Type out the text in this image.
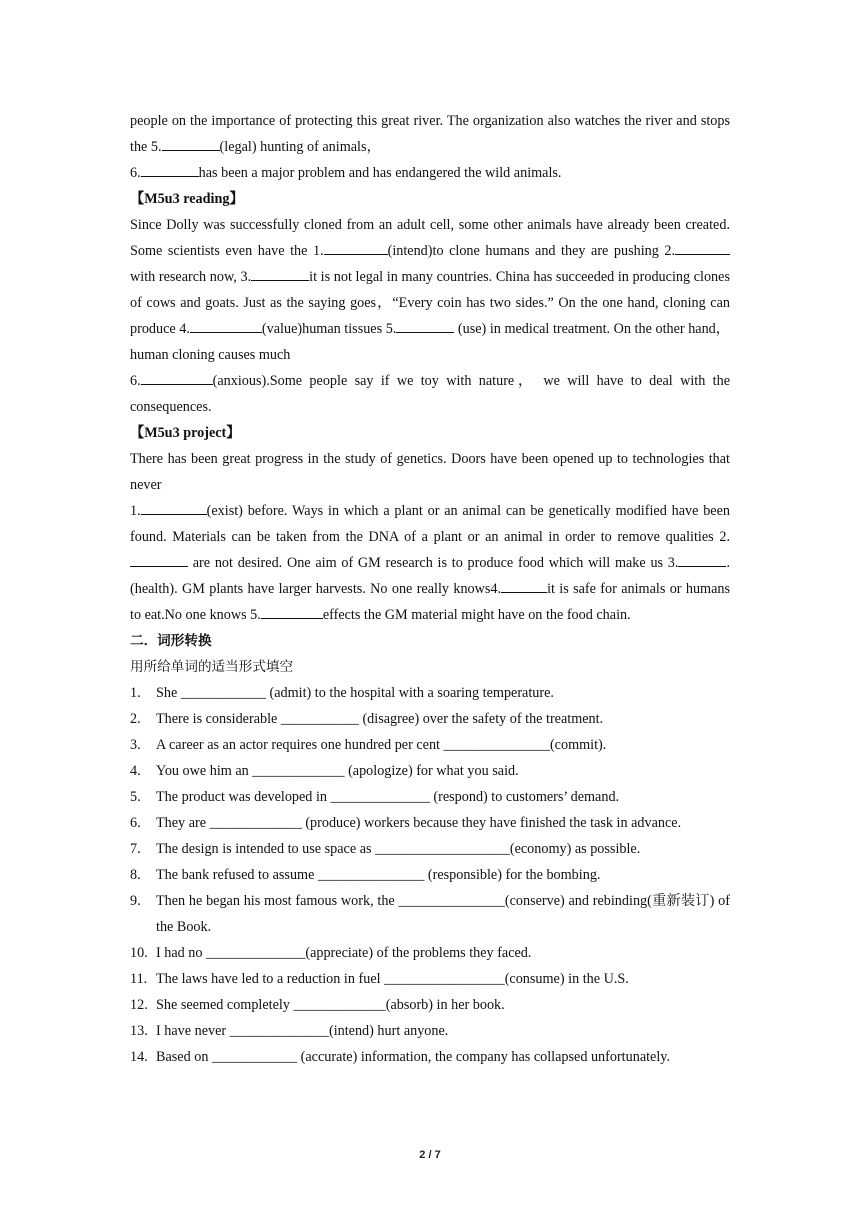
people on the importance of protecting this great river. The organization also watches the river and stops the 5.	(legal) hunting of animals，

6.	has been a major problem and has endangered the wild animals.

【M5u3 reading】

Since Dolly was successfully cloned from an adult cell, some other animals have already been created. Some scientists even have the 1.	(intend)to clone humans and they are pushing 2. with research now, 3.	it is not legal in many countries. China has succeeded in producing clones of cows and goats. Just as the saying goes，“Every coin has two sides.” On the one hand, cloning can produce 4.	(value)human tissues 5.	(use) in medical treatment. On the other hand，human cloning causes much

6.	(anxious).Some people say if we toy with nature， we will have to deal with the consequences.

【M5u3 project】

There has been great progress in the study of genetics. Doors have been opened up to technologies that never

1.	(exist) before. Ways in which a plant or an animal can be genetically modified have been found. Materials can be taken from the DNA of a plant or an animal in order to remove qualities 2. are not desired. One aim of GM research is to produce food which will make us 3.	.(health). GM plants have larger harvests. No one really knows4.	it is safe for animals or humans to eat.No one knows 5.	effects the GM material might have on the food chain.

二．词形转换

用所给单词的适当形式填空

1.	She ____________ (admit) to the hospital with a soaring temperature.
2.	There is considerable ___________ (disagree) over the safety of the treatment.
3.	A career as an actor requires one hundred per cent _______________(commit).
4.	You owe him an _____________ (apologize) for what you said.
5.	The product was developed in ______________ (respond) to customers’ demand.
6.	They are _____________ (produce) workers because they have finished the task in advance.
7.	The design is intended to use space as ___________________(economy) as possible.
8.	The bank refused to assume _______________ (responsible) for the bombing.
9.	Then he began his most famous work, the _______________(conserve) and rebinding(重新装订) of the Book.
10. I had no ______________(appreciate) of the problems they faced.
11. The laws have led to a reduction in fuel _________________(consume) in the U.S.
12. She seemed completely _____________(absorb) in her book.
13. I have never ______________(intend) hurt anyone.
14. Based on ____________ (accurate) information, the company has collapsed unfortunately.
2 / 7
